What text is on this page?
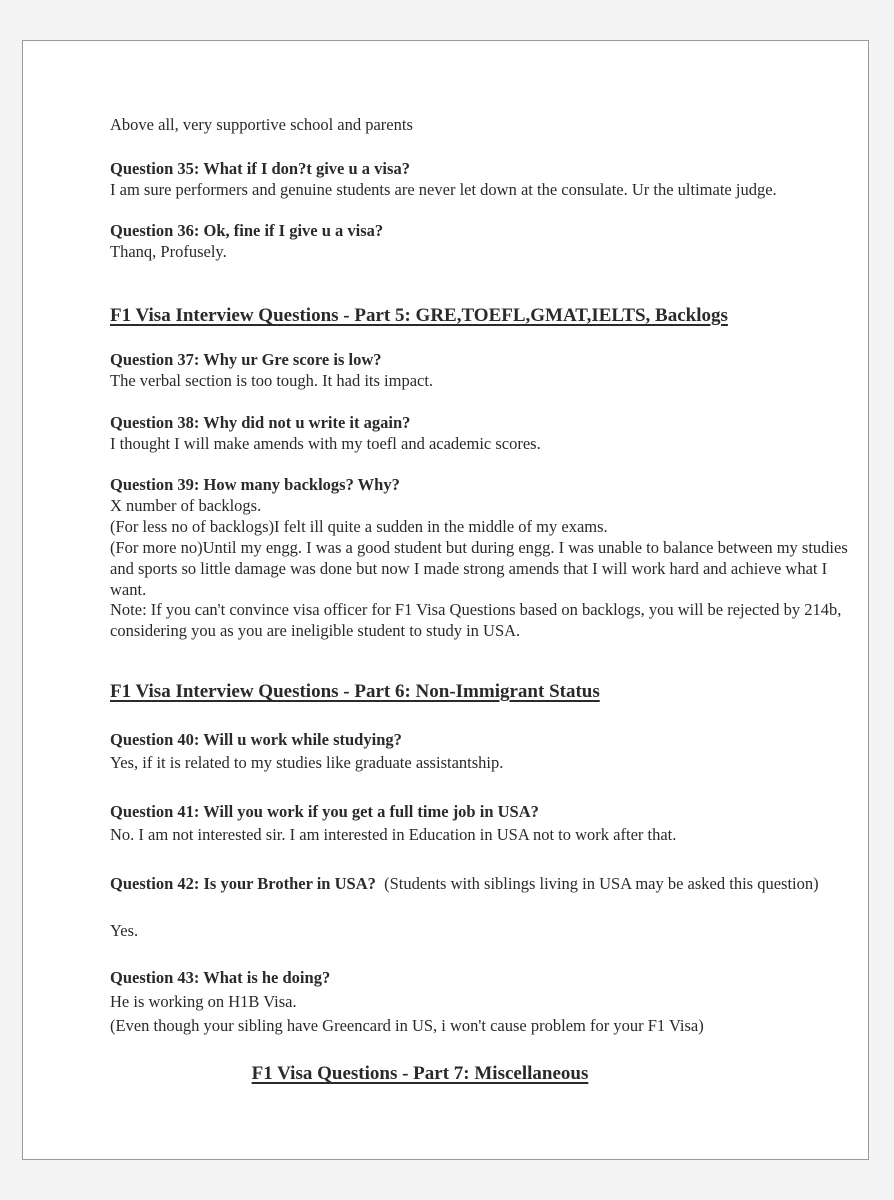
Above all, very supportive school and parents

Question 35: What if I don?t give u a visa?

I am sure performers and genuine students are never let down at the consulate. Ur the ultimate judge.

Question 36: Ok, fine if I give u a visa?

Thanq, Profusely.

F1 Visa Interview Questions - Part 5: GRE,TOEFL,GMAT,IELTS, Backlogs

Question 37: Why ur Gre score is low?

The verbal section is too tough. It had its impact.

Question 38: Why did not u write it again?

I thought I will make amends with my toefl and academic scores.

Question 39: How many backlogs? Why?

X number of backlogs.

(For less no of backlogs)I felt ill quite a sudden in the middle of my exams.

(For more no)Until my engg. I was a good student but during engg. I was unable to balance between my studies and sports so little damage was done but now I made strong amends that I will work hard and achieve what I want.

Note: If you can't convince visa officer for F1 Visa Questions based on backlogs, you will be rejected by 214b, considering you as you are ineligible student to study in USA.

F1 Visa Interview Questions - Part 6: Non-Immigrant Status

Question 40: Will u work while studying?

Yes, if it is related to my studies like graduate assistantship.

Question 41: Will you work if you get a full time job in USA?

No. I am not interested sir. I am interested in Education in USA not to work after that.

Question 42: Is your Brother in USA? (Students with siblings living in USA may be asked this question)

Yes.

Question 43: What is he doing?

He is working on H1B Visa.

(Even though your sibling have Greencard in US, i won't cause problem for your F1 Visa)

F1 Visa Questions - Part 7: Miscellaneous
